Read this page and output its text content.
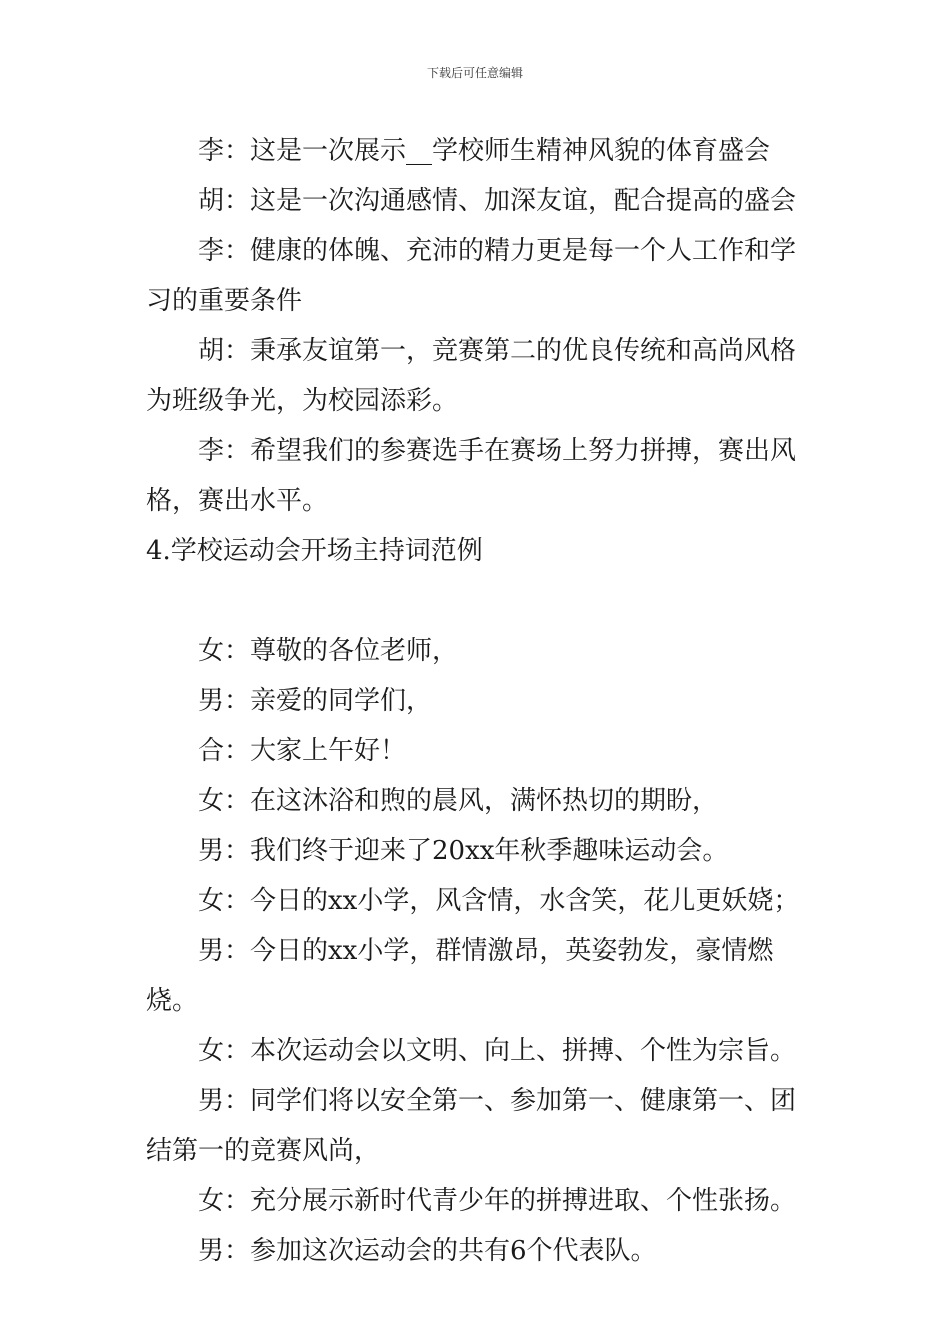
下载后可任意编辑

李：这是一次展示__学校师生精神风貌的体育盛会

胡：这是一次沟通感情、加深友谊，配合提高的盛会

李：健康的体魄、充沛的精力更是每一个人工作和学习的重要条件

胡：秉承友谊第一，竞赛第二的优良传统和高尚风格为班级争光，为校园添彩。

李：希望我们的参赛选手在赛场上努力拼搏，赛出风格，赛出水平。

4.学校运动会开场主持词范例

女：尊敬的各位老师，

男：亲爱的同学们，

合：大家上午好！

女：在这沐浴和煦的晨风，满怀热切的期盼，

男：我们终于迎来了20xx年秋季趣味运动会。

女：今日的xx小学，风含情，水含笑，花儿更妖娆；

男：今日的xx小学，群情激昂，英姿勃发，豪情燃烧。

女：本次运动会以文明、向上、拼搏、个性为宗旨。

男：同学们将以安全第一、参加第一、健康第一、团结第一的竞赛风尚，

女：充分展示新时代青少年的拼搏进取、个性张扬。

男：参加这次运动会的共有6个代表队。
